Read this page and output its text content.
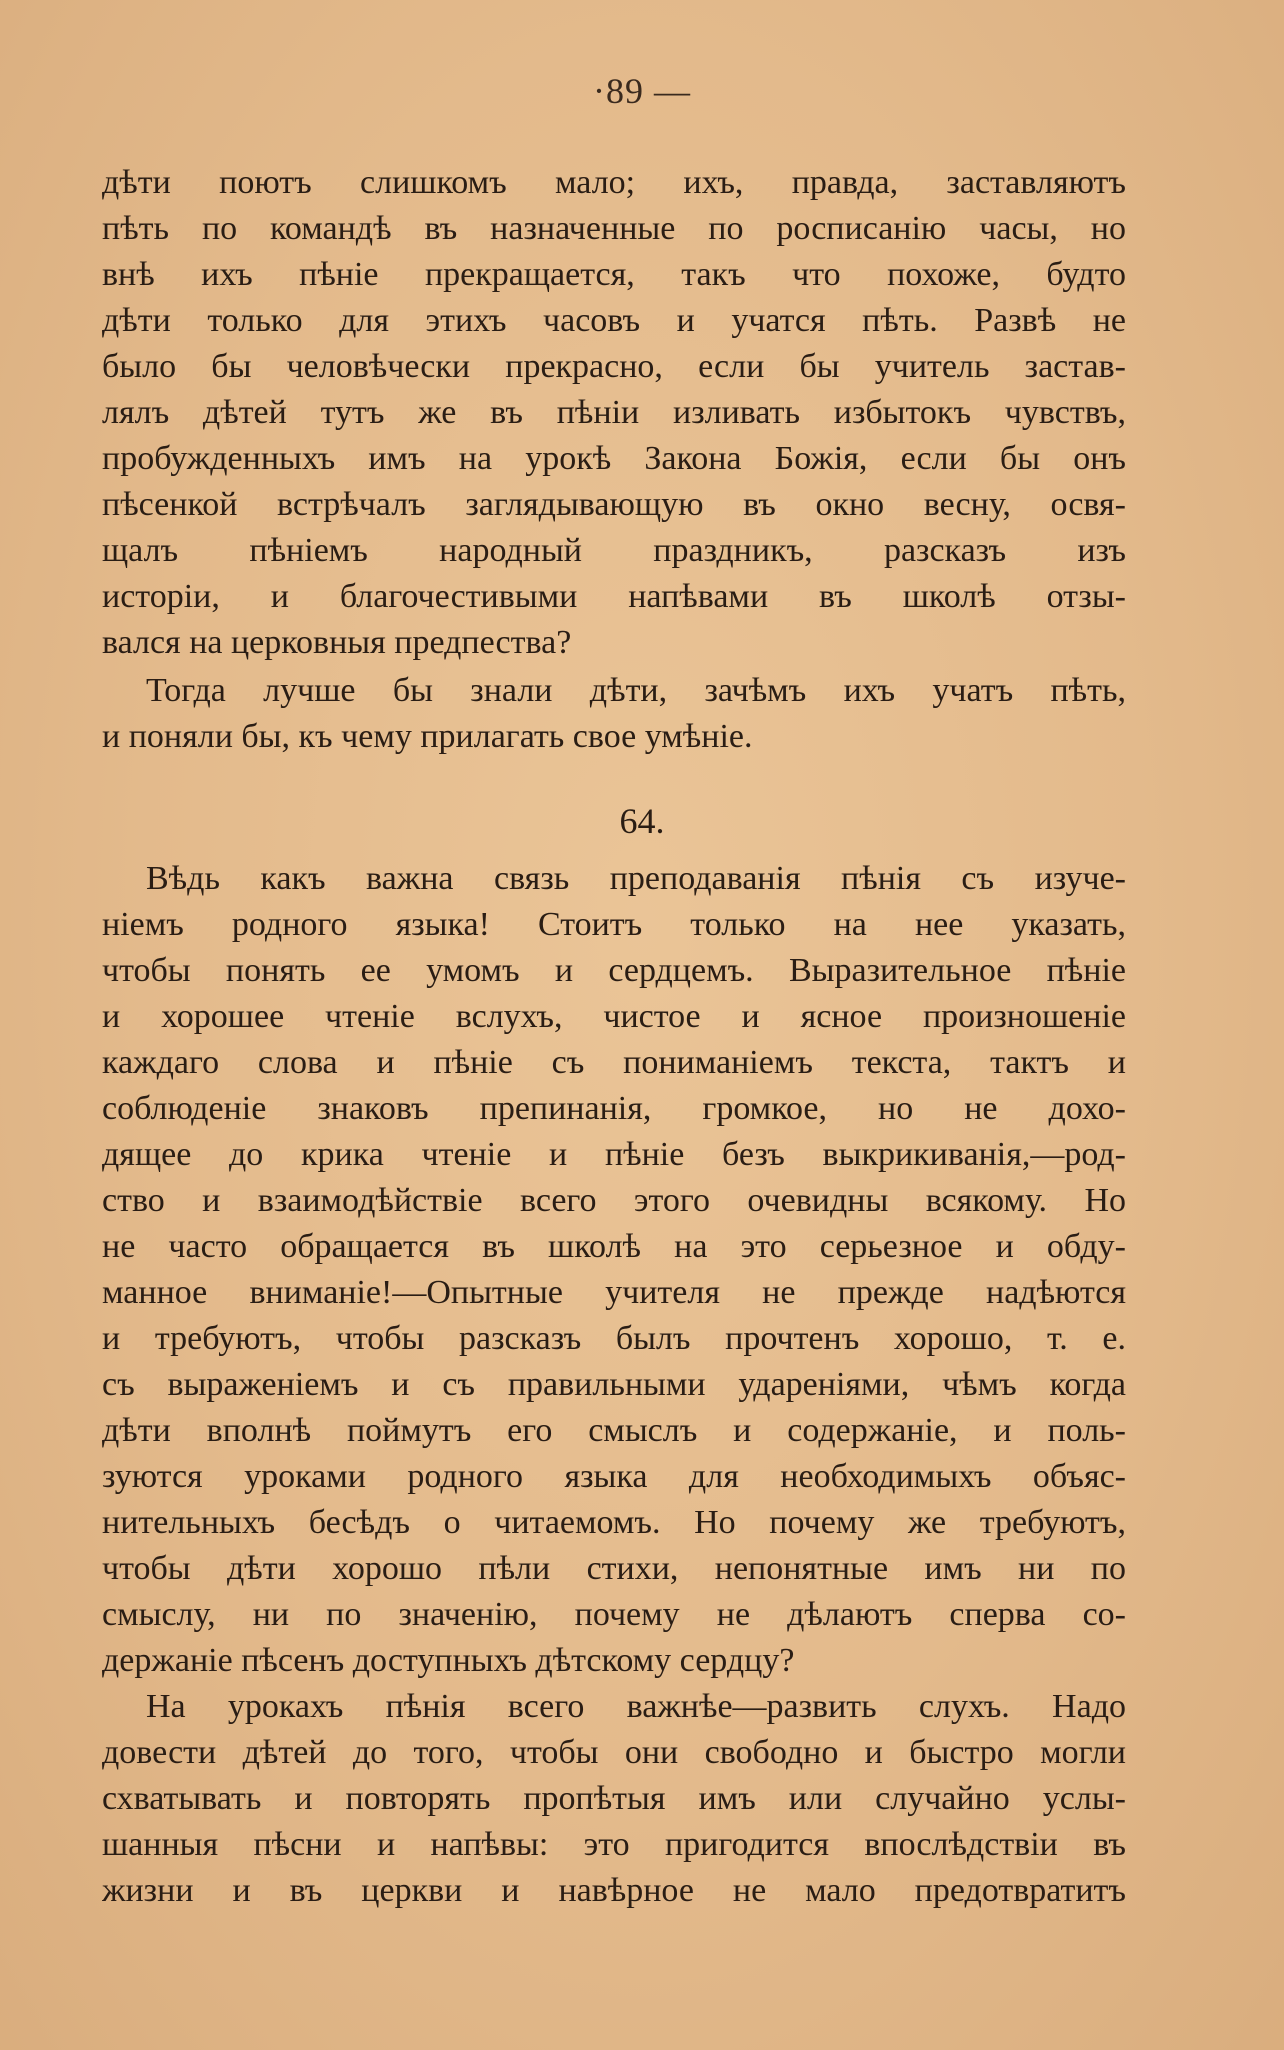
·89 —
дѣти поютъ слишкомъ мало; ихъ, правда, заставляютъ
пѣть по командѣ въ назначенные по росписанію часы, но
внѣ ихъ пѣніе прекращается, такъ что похоже, будто
дѣти только для этихъ часовъ и учатся пѣть. Развѣ не
было бы человѣчески прекрасно, если бы учитель застав-
лялъ дѣтей тутъ же въ пѣніи изливать избытокъ чувствъ,
пробужденныхъ имъ на урокѣ Закона Божія, если бы онъ
пѣсенкой встрѣчалъ заглядывающую въ окно весну, освя-
щалъ пѣніемъ народный праздникъ, разсказъ изъ
исторіи, и благочестивыми напѣвами въ школѣ отзы-
вался на церковныя предпества?
Тогда лучше бы знали дѣти, зачѣмъ ихъ учатъ пѣть,
и поняли бы, къ чему прилагать свое умѣніе.
64.
Вѣдь какъ важна связь преподаванія пѣнія съ изуче-
ніемъ родного языка! Стоитъ только на нее указать,
чтобы понять ее умомъ и сердцемъ. Выразительное пѣніе
и хорошее чтеніе вслухъ, чистое и ясное произношеніе
каждаго слова и пѣніе съ пониманіемъ текста, тактъ и
соблюденіе знаковъ препинанія, громкое, но не дохо-
дящее до крика чтеніе и пѣніе безъ выкрикиванія,—род-
ство и взаимодѣйствіе всего этого очевидны всякому. Но
не часто обращается въ школѣ на это серьезное и обду-
манное вниманіе!—Опытные учителя не прежде надѣются
и требуютъ, чтобы разсказъ былъ прочтенъ хорошо, т. е.
съ выраженіемъ и съ правильными удареніями, чѣмъ когда
дѣти вполнѣ поймутъ его смыслъ и содержаніе, и поль-
зуются уроками родного языка для необходимыхъ объяс-
нительныхъ бесѣдъ о читаемомъ. Но почему же требуютъ,
чтобы дѣти хорошо пѣли стихи, непонятные имъ ни по
смыслу, ни по значенію, почему не дѣлаютъ сперва со-
держаніе пѣсенъ доступныхъ дѣтскому сердцу?
На урокахъ пѣнія всего важнѣе—развить слухъ. Надо
довести дѣтей до того, чтобы они свободно и быстро могли
схватывать и повторять пропѣтыя имъ или случайно услы-
шанныя пѣсни и напѣвы: это пригодится впослѣдствіи въ
жизни и въ церкви и навѣрное не мало предотвратитъ
